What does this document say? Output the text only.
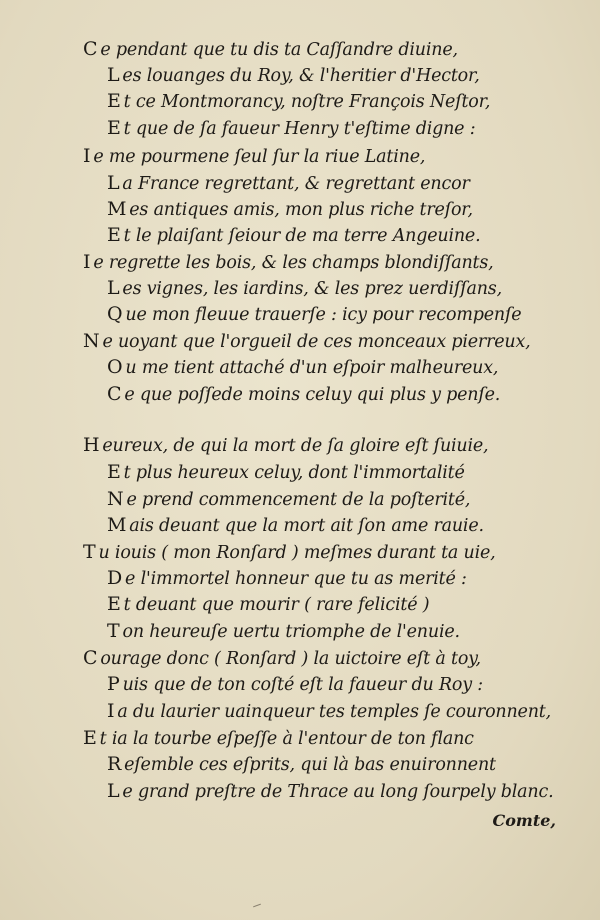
C e pendant que tu dis ta Caſſandre diuine,
L es louanges du Roy, & l'heritier d'Hector,
E t ce Montmorancy, noſtre François Neſtor,
E t que de ſa faueur Henry t'eſtime digne :
I e me pourmene ſeul ſur la riue Latine,
L a France regrettant, & regrettant encor
M es antiques amis, mon plus riche treſor,
E t le plaiſant ſeiour de ma terre Angeuine.
I e regrette les bois, & les champs blondiſſants,
L es vignes, les iardins, & les prez uerdiſſans,
Q ue mon fleuue trauerſe : icy pour recompenſe
N e uoyant que l'orgueil de ces monceaux pierreux,
O u me tient attaché d'un eſpoir malheureux,
C e que poſſede moins celuy qui plus y penſe.
H eureux, de qui la mort de ſa gloire eſt ſuiuie,
E t plus heureux celuy, dont l'immortalité
N e prend commencement de la poſterité,
M ais deuant que la mort ait ſon ame rauie.
T u iouis ( mon Ronſard ) meſmes durant ta uie,
D e l'immortel honneur que tu as merité :
E t deuant que mourir ( rare felicité )
T on heureuſe uertu triomphe de l'enuie.
C ourage donc ( Ronſard ) la uictoire eſt à toy,
P uis que de ton coſté eſt la faueur du Roy :
I a du laurier uainqueur tes temples ſe couronnent,
E t ia la tourbe eſpeſſe à l'entour de ton flanc
R eſemble ces eſprits, qui là bas enuironnent
L e grand preſtre de Thrace au long ſourpely blanc.
Comte,
